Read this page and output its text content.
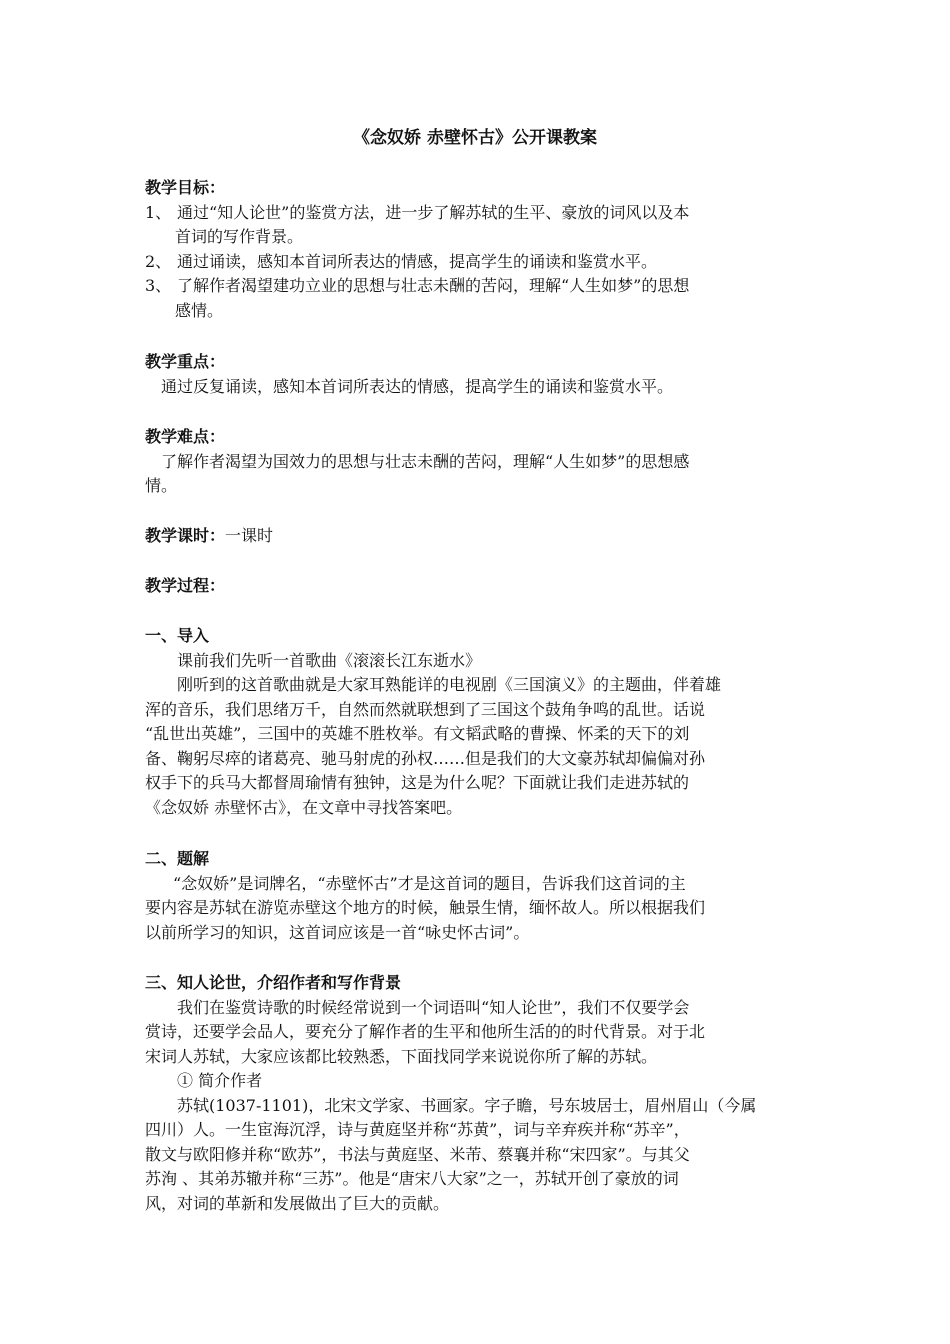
《念奴娇 赤壁怀古》公开课教案
教学目标：
1、 通过“知人论世”的鉴赏方法，进一步了解苏轼的生平、豪放的词风以及本
首词的写作背景。
2、 通过诵读，感知本首词所表达的情感，提高学生的诵读和鉴赏水平。
3、 了解作者渴望建功立业的思想与壮志未酬的苦闷，理解“人生如梦”的思想
感情。
教学重点：
通过反复诵读，感知本首词所表达的情感，提高学生的诵读和鉴赏水平。
教学难点：
了解作者渴望为国效力的思想与壮志未酬的苦闷，理解“人生如梦”的思想感
情。
教学课时：一课时
教学过程：
一、导入
课前我们先听一首歌曲《滚滚长江东逝水》
刚听到的这首歌曲就是大家耳熟能详的电视剧《三国演义》的主题曲，伴着雄
浑的音乐，我们思绪万千，自然而然就联想到了三国这个鼓角争鸣的乱世。话说
“乱世出英雄”，三国中的英雄不胜枚举。有文韬武略的曹操、怀柔的天下的刘
备、鞠躬尽瘁的诸葛亮、驰马射虎的孙权……但是我们的大文豪苏轼却偏偏对孙
权手下的兵马大都督周瑜情有独钟，这是为什么呢？下面就让我们走进苏轼的
《念奴娇 赤壁怀古》，在文章中寻找答案吧。
二、题解
“念奴娇”是词牌名，“赤壁怀古”才是这首词的题目，告诉我们这首词的主
要内容是苏轼在游览赤壁这个地方的时候，触景生情，缅怀故人。所以根据我们
以前所学习的知识，这首词应该是一首“咏史怀古词”。
三、知人论世，介绍作者和写作背景
我们在鉴赏诗歌的时候经常说到一个词语叫“知人论世”，我们不仅要学会
赏诗，还要学会品人，要充分了解作者的生平和他所生活的的时代背景。对于北
宋词人苏轼，大家应该都比较熟悉，下面找同学来说说你所了解的苏轼。
① 简介作者
苏轼(1037-1101)，北宋文学家、书画家。字子瞻，号东坡居士，眉州眉山（今属
四川）人。一生宦海沉浮，诗与黄庭坚并称“苏黄”，词与辛弃疾并称“苏辛”，
散文与欧阳修并称“欧苏”，书法与黄庭坚、米芾、蔡襄并称“宋四家”。与其父
苏洵 、其弟苏辙并称“三苏”。他是“唐宋八大家”之一，苏轼开创了豪放的词
风，对词的革新和发展做出了巨大的贡献。
